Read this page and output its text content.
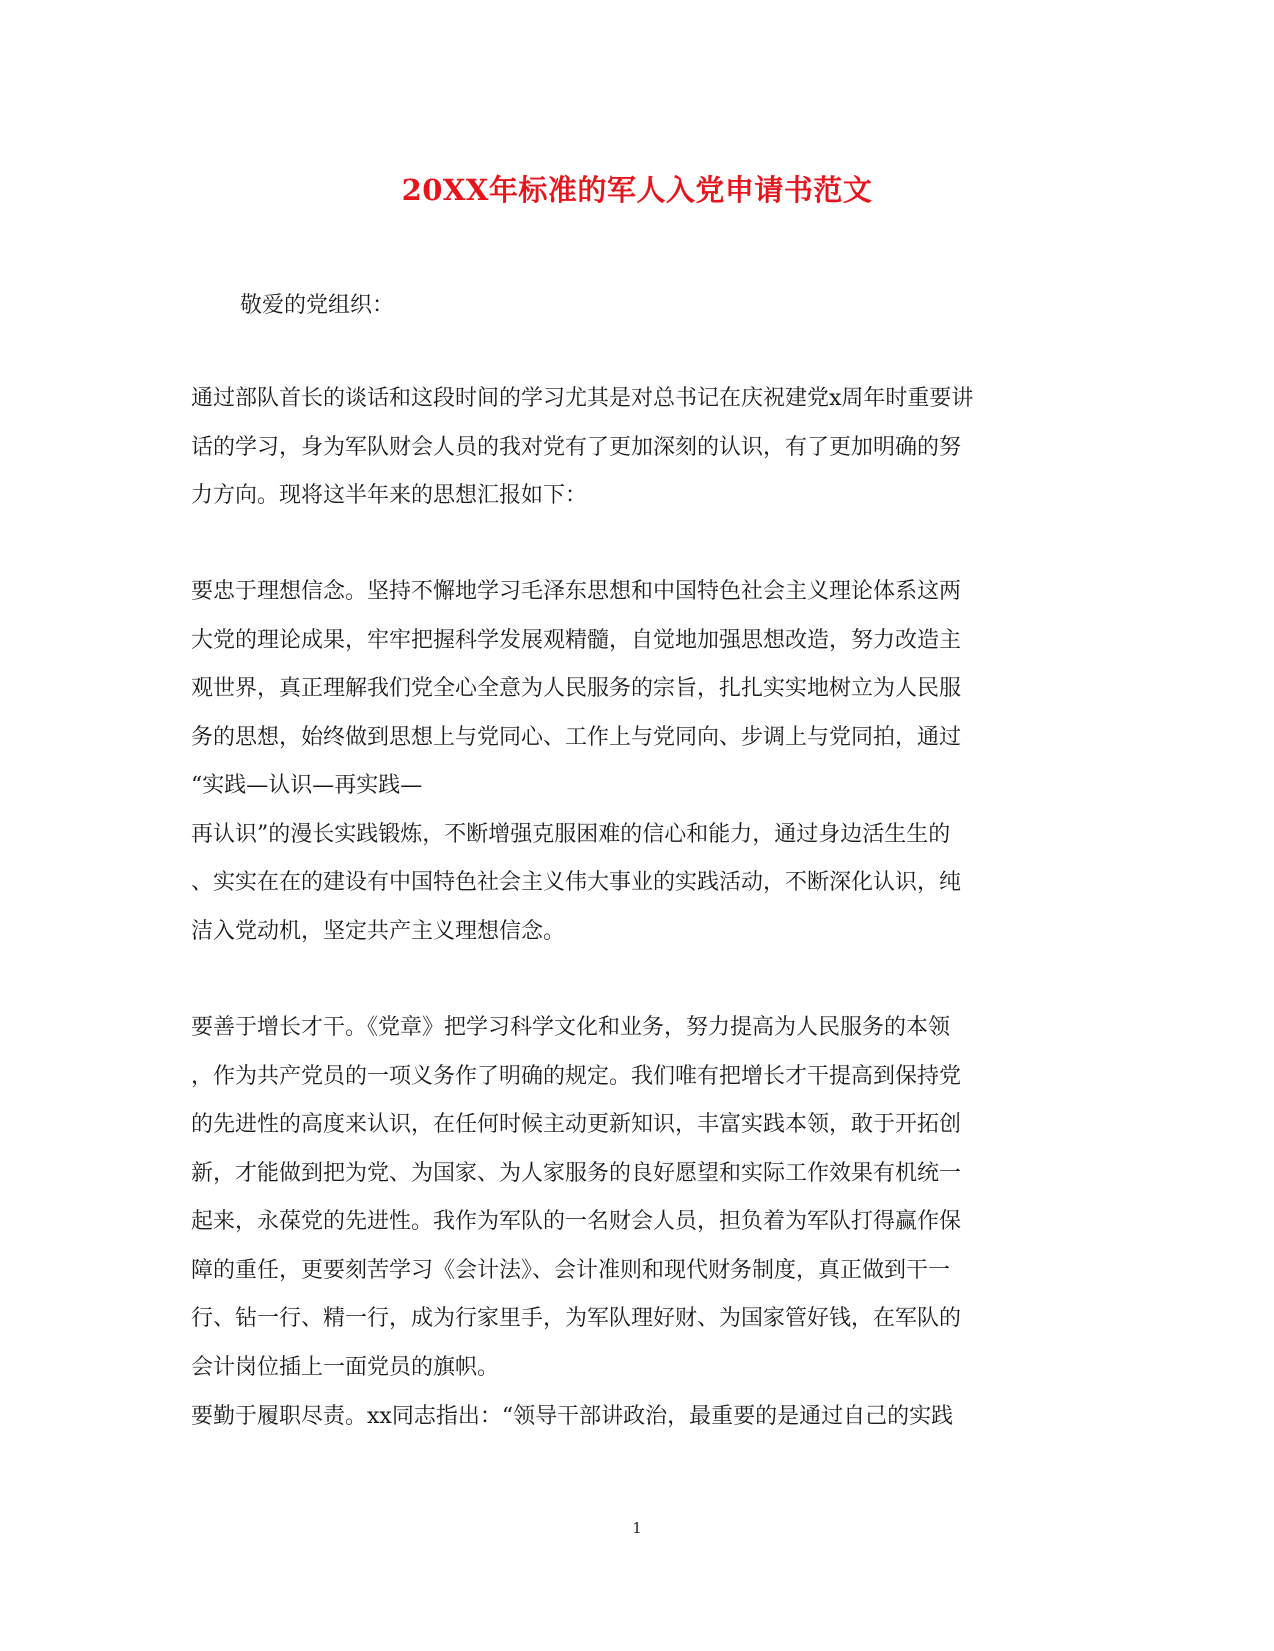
20XX年标准的军人入党申请书范文

敬爱的党组织：

通过部队首长的谈话和这段时间的学习尤其是对总书记在庆祝建党x周年时重要讲
话的学习，身为军队财会人员的我对党有了更加深刻的认识，有了更加明确的努
力方向。现将这半年来的思想汇报如下：
要忠于理想信念。坚持不懈地学习毛泽东思想和中国特色社会主义理论体系这两
大党的理论成果，牢牢把握科学发展观精髓，自觉地加强思想改造，努力改造主
观世界，真正理解我们党全心全意为人民服务的宗旨，扎扎实实地树立为人民服
务的思想，始终做到思想上与党同心、工作上与党同向、步调上与党同拍，通过
“实践—认识—再实践—
再认识”的漫长实践锻炼，不断增强克服困难的信心和能力，通过身边活生生的
、实实在在的建设有中国特色社会主义伟大事业的实践活动，不断深化认识，纯
洁入党动机，坚定共产主义理想信念。
要善于增长才干。《党章》把学习科学文化和业务，努力提高为人民服务的本领
，作为共产党员的一项义务作了明确的规定。我们唯有把增长才干提高到保持党
的先进性的高度来认识，在任何时候主动更新知识，丰富实践本领，敢于开拓创
新，才能做到把为党、为国家、为人家服务的良好愿望和实际工作效果有机统一
起来，永葆党的先进性。我作为军队的一名财会人员，担负着为军队打得赢作保
障的重任，更要刻苦学习《会计法》、会计准则和现代财务制度，真正做到干一
行、钻一行、精一行，成为行家里手，为军队理好财、为国家管好钱，在军队的
会计岗位插上一面党员的旗帜。
要勤于履职尽责。xx同志指出：“领导干部讲政治，最重要的是通过自己的实践
1
